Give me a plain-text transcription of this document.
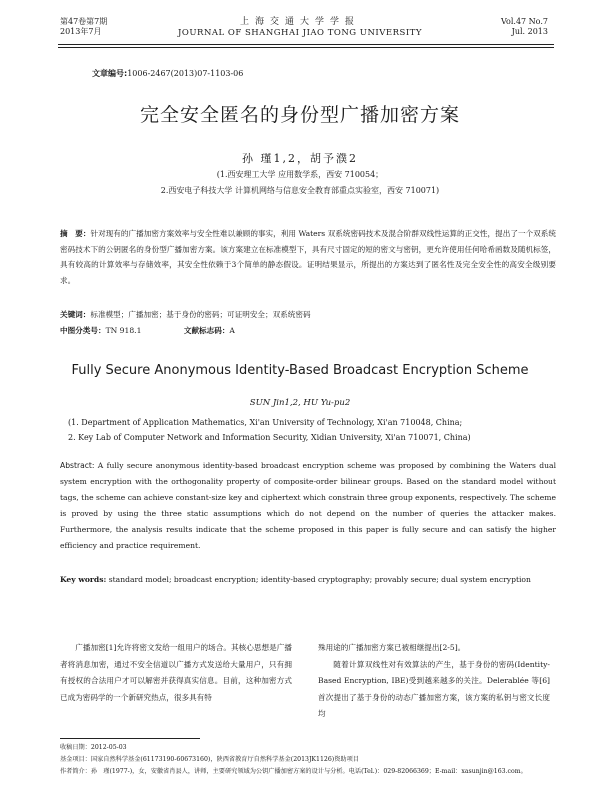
第47卷第7期
2013年7月
上海交通大学学报
JOURNAL OF SHANGHAI JIAO TONG UNIVERSITY
Vol.47 No.7
Jul. 2013
文章编号:1006-2467(2013)07-1103-06
完全安全匿名的身份型广播加密方案
孙 瑾1,2，胡予濮2
(1.西安理工大学 应用数学系，西安 710054；
2.西安电子科技大学 计算机网络与信息安全教育部重点实验室，西安 710071)
摘　要：针对现有的广播加密方案效率与安全性难以兼顾的事实，利用 Waters 双系统密码技术及混合阶群双线性运算的正交性，提出了一个双系统密码技术下的公钥匿名的身份型广播加密方案。该方案建立在标准模型下，具有尺寸固定的短的密文与密钥，更允许使用任何哈希函数及随机标签，具有较高的计算效率与存储效率，其安全性依赖于3个简单的静态假设。证明结果显示，所提出的方案达到了匿名性及完全安全性的高安全级别要求。
关键词：标准模型；广播加密；基于身份的密码；可证明安全；双系统密码
中图分类号：TN 918.1	文献标志码：A
Fully Secure Anonymous Identity-Based Broadcast Encryption Scheme
SUN Jin1,2, HU Yu-pu2
(1. Department of Application Mathematics, Xi'an University of Technology, Xi'an 710048, China;
2. Key Lab of Computer Network and Information Security, Xidian University, Xi'an 710071, China)
Abstract: A fully secure anonymous identity-based broadcast encryption scheme was proposed by combining the Waters dual system encryption with the orthogonality property of composite-order bilinear groups. Based on the standard model without tags, the scheme can achieve constant-size key and ciphertext which constrain three group exponents, respectively. The scheme is proved by using the three static assumptions which do not depend on the number of queries the attacker makes. Furthermore, the analysis results indicate that the scheme proposed in this paper is fully secure and can satisfy the higher efficiency and practice requirement.
Key words: standard model; broadcast encryption; identity-based cryptography; provably secure; dual system encryption

广播加密[1]允许将密文发给一组用户的场合。其核心思想是广播者将消息加密，通过不安全信道以广播方式发送给大量用户，只有拥有授权的合法用户才可以解密并获得真实信息。目前，这种加密方式已成为密码学的一个新研究热点，很多具有特

殊用途的广播加密方案已被相继提出[2-5]。

随着计算双线性对有效算法的产生，基于身份的密码(Identity-Based Encryption, IBE)受到越来越多的关注。Delerablée 等[6]首次提出了基于身份的动态广播加密方案，该方案的私钥与密文长度均

收稿日期：2012-05-03
基金项目：国家自然科学基金(61173190-60673160)，陕西省教育厅自然科学基金(2013JK1126)资助项目
作者简介：孙　瑾(1977-)，女，安徽省肖县人，讲师，主要研究领域为公钥广播加密方案的设计与分析。电话(Tel.)：029-82066369；E-mail：xasunjin@163.com。
